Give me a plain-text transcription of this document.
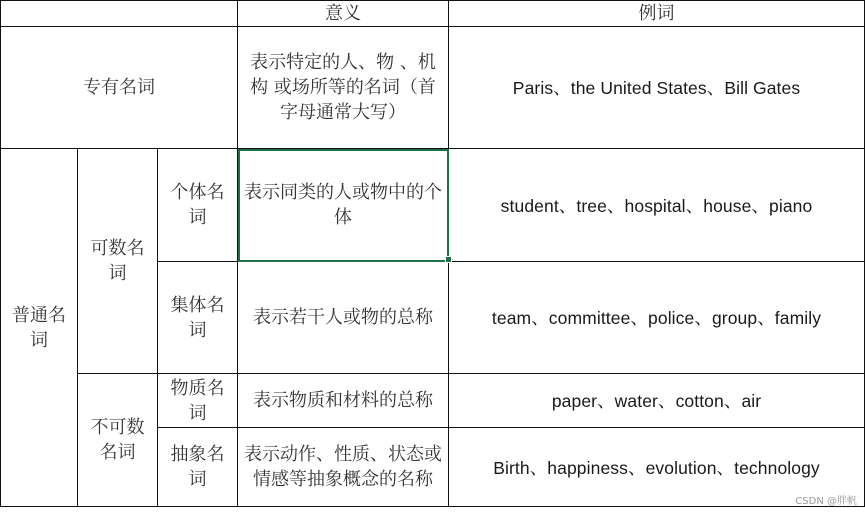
			意义	例词
专有名词			表示特定的人、物 、机构 或场所等的名词（首字母通常大写）	Paris、the United States、Bill Gates
普通名词	可数名词	个体名词	表示同类的人或物中的个体	student、tree、hospital、house、piano
		集体名词	表示若干人或物的总称	team、committee、police、group、family
	不可数名词	物质名词	表示物质和材料的总称	paper、water、cotton、air
		抽象名词	表示动作、性质、状态或情感等抽象概念的名称	Birth、happiness、evolution、technology
CSDN @胖帆
